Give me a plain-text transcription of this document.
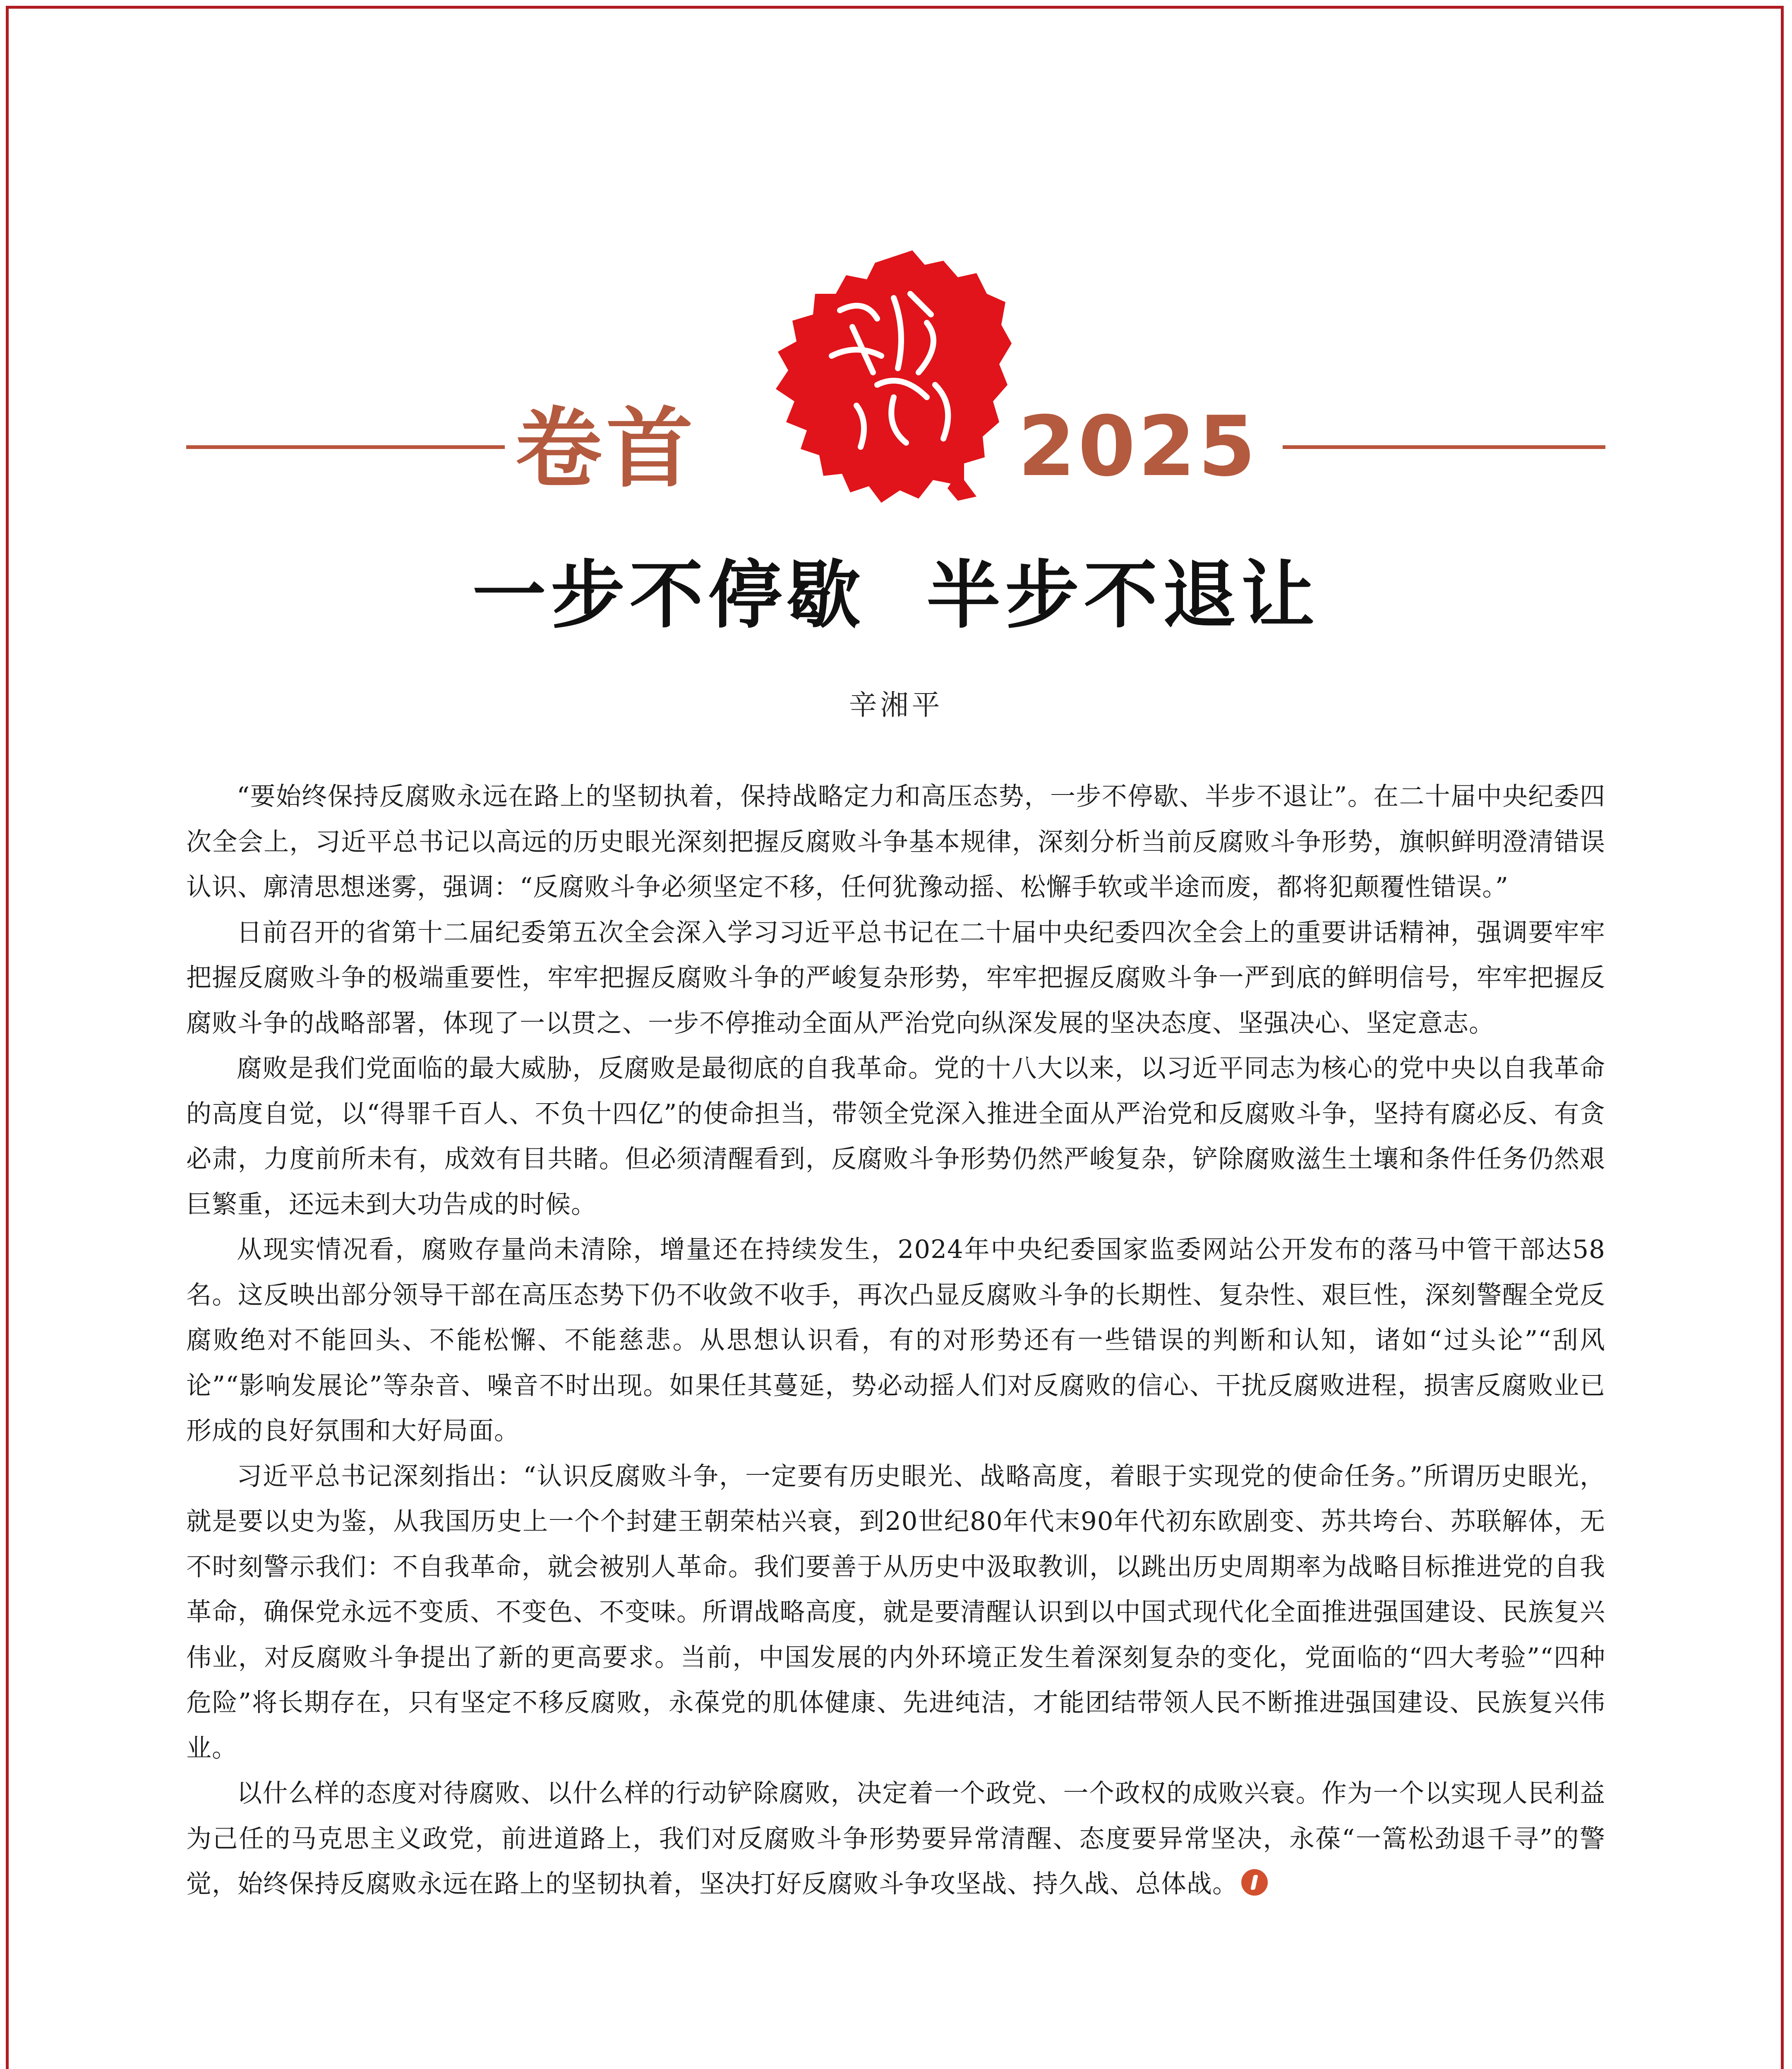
卷首	2025
一步不停歇  半步不退让
辛湘平

“要始终保持反腐败永远在路上的坚韧执着，保持战略定力和高压态势，一步不停歇、半步不退让”。在二十届中央纪委四次全会上，习近平总书记以高远的历史眼光深刻把握反腐败斗争基本规律，深刻分析当前反腐败斗争形势，旗帜鲜明澄清错误认识、廓清思想迷雾，强调：“反腐败斗争必须坚定不移，任何犹豫动摇、松懈手软或半途而废，都将犯颠覆性错误。”

日前召开的省第十二届纪委第五次全会深入学习习近平总书记在二十届中央纪委四次全会上的重要讲话精神，强调要牢牢把握反腐败斗争的极端重要性，牢牢把握反腐败斗争的严峻复杂形势，牢牢把握反腐败斗争一严到底的鲜明信号，牢牢把握反腐败斗争的战略部署，体现了一以贯之、一步不停推动全面从严治党向纵深发展的坚决态度、坚强决心、坚定意志。

腐败是我们党面临的最大威胁，反腐败是最彻底的自我革命。党的十八大以来，以习近平同志为核心的党中央以自我革命的高度自觉，以“得罪千百人、不负十四亿”的使命担当，带领全党深入推进全面从严治党和反腐败斗争，坚持有腐必反、有贪必肃，力度前所未有，成效有目共睹。但必须清醒看到，反腐败斗争形势仍然严峻复杂，铲除腐败滋生土壤和条件任务仍然艰巨繁重，还远未到大功告成的时候。

从现实情况看，腐败存量尚未清除，增量还在持续发生，2024年中央纪委国家监委网站公开发布的落马中管干部达58名。这反映出部分领导干部在高压态势下仍不收敛不收手，再次凸显反腐败斗争的长期性、复杂性、艰巨性，深刻警醒全党反腐败绝对不能回头、不能松懈、不能慈悲。从思想认识看，有的对形势还有一些错误的判断和认知，诸如“过头论”“刮风论”“影响发展论”等杂音、噪音不时出现。如果任其蔓延，势必动摇人们对反腐败的信心、干扰反腐败进程，损害反腐败业已形成的良好氛围和大好局面。

习近平总书记深刻指出：“认识反腐败斗争，一定要有历史眼光、战略高度，着眼于实现党的使命任务。”所谓历史眼光，就是要以史为鉴，从我国历史上一个个封建王朝荣枯兴衰，到20世纪80年代末90年代初东欧剧变、苏共垮台、苏联解体，无不时刻警示我们：不自我革命，就会被别人革命。我们要善于从历史中汲取教训，以跳出历史周期率为战略目标推进党的自我革命，确保党永远不变质、不变色、不变味。所谓战略高度，就是要清醒认识到以中国式现代化全面推进强国建设、民族复兴伟业，对反腐败斗争提出了新的更高要求。当前，中国发展的内外环境正发生着深刻复杂的变化，党面临的“四大考验”“四种危险”将长期存在，只有坚定不移反腐败，永葆党的肌体健康、先进纯洁，才能团结带领人民不断推进强国建设、民族复兴伟业。

以什么样的态度对待腐败、以什么样的行动铲除腐败，决定着一个政党、一个政权的成败兴衰。作为一个以实现人民利益为己任的马克思主义政党，前进道路上，我们对反腐败斗争形势要异常清醒、态度要异常坚决，永葆“一篙松劲退千寻”的警觉，始终保持反腐败永远在路上的坚韧执着，坚决打好反腐败斗争攻坚战、持久战、总体战。
